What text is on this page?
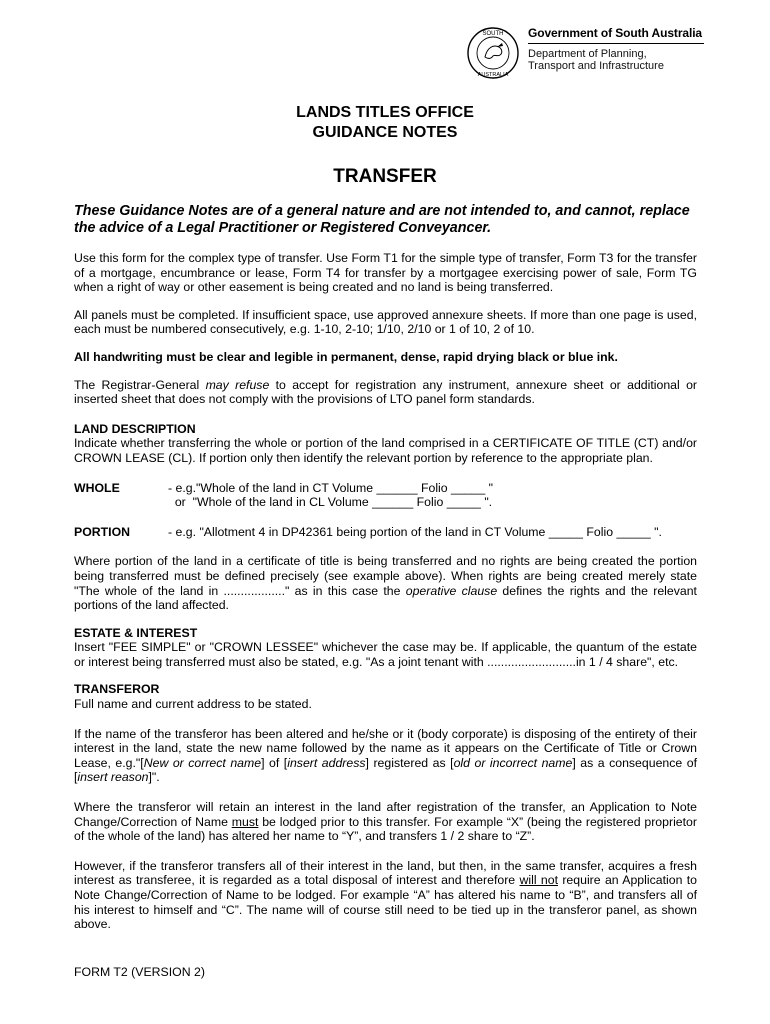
SOUTH
AUSTRALIA
Government of South Australia
Department of Planning,
Transport and Infrastructure
LANDS TITLES OFFICE
GUIDANCE NOTES
TRANSFER

These Guidance Notes are of a general nature and are not intended to, and cannot, replace the advice of a Legal Practitioner or Registered Conveyancer.

Use this form for the complex type of transfer. Use Form T1 for the simple type of transfer, Form T3 for the transfer of a mortgage, encumbrance or lease, Form T4 for transfer by a mortgagee exercising power of sale, Form TG when a right of way or other easement is being created and no land is being transferred.

All panels must be completed. If insufficient space, use approved annexure sheets. If more than one page is used, each must be numbered consecutively, e.g. 1-10, 2-10; 1/10, 2/10 or 1 of 10, 2 of 10.

All handwriting must be clear and legible in permanent, dense, rapid drying black or blue ink.

The Registrar-General may refuse to accept for registration any instrument, annexure sheet or additional or inserted sheet that does not comply with the provisions of LTO panel form standards.

LAND DESCRIPTION

Indicate whether transferring the whole or portion of the land comprised in a CERTIFICATE OF TITLE (CT) and/or CROWN LEASE (CL). If portion only then identify the relevant portion by reference to the appropriate plan.

WHOLE	- e.g."Whole of the land in CT Volume ______ Folio _____ "
or  "Whole of the land in CL Volume ______ Folio _____ ".
PORTION	- e.g. "Allotment 4 in DP42361 being portion of the land in CT Volume _____ Folio _____ ".

Where portion of the land in a certificate of title is being transferred and no rights are being created the portion being transferred must be defined precisely (see example above). When rights are being created merely state "The whole of the land in .................." as in this case the operative clause defines the rights and the relevant portions of the land affected.

ESTATE & INTEREST

Insert "FEE SIMPLE" or "CROWN LESSEE" whichever the case may be. If applicable, the quantum of the estate or interest being transferred must also be stated, e.g. "As a joint tenant with ..........................in 1 / 4 share", etc.

TRANSFEROR

Full name and current address to be stated.

If the name of the transferor has been altered and he/she or it (body corporate) is disposing of the entirety of their interest in the land, state the new name followed by the name as it appears on the Certificate of Title or Crown Lease, e.g."[New or correct name] of [insert address] registered as [old or incorrect name] as a consequence of [insert reason]".

Where the transferor will retain an interest in the land after registration of the transfer, an Application to Note Change/Correction of Name must be lodged prior to this transfer. For example “X” (being the registered proprietor of the whole of the land) has altered her name to “Y”, and transfers 1 / 2 share to “Z”.

However, if the transferor transfers all of their interest in the land, but then, in the same transfer, acquires a fresh interest as transferee, it is regarded as a total disposal of interest and therefore will not require an Application to Note Change/Correction of Name to be lodged. For example “A” has altered his name to “B”, and transfers all of his interest to himself and “C”. The name will of course still need to be tied up in the transferor panel, as shown above.

FORM T2 (VERSION 2)
